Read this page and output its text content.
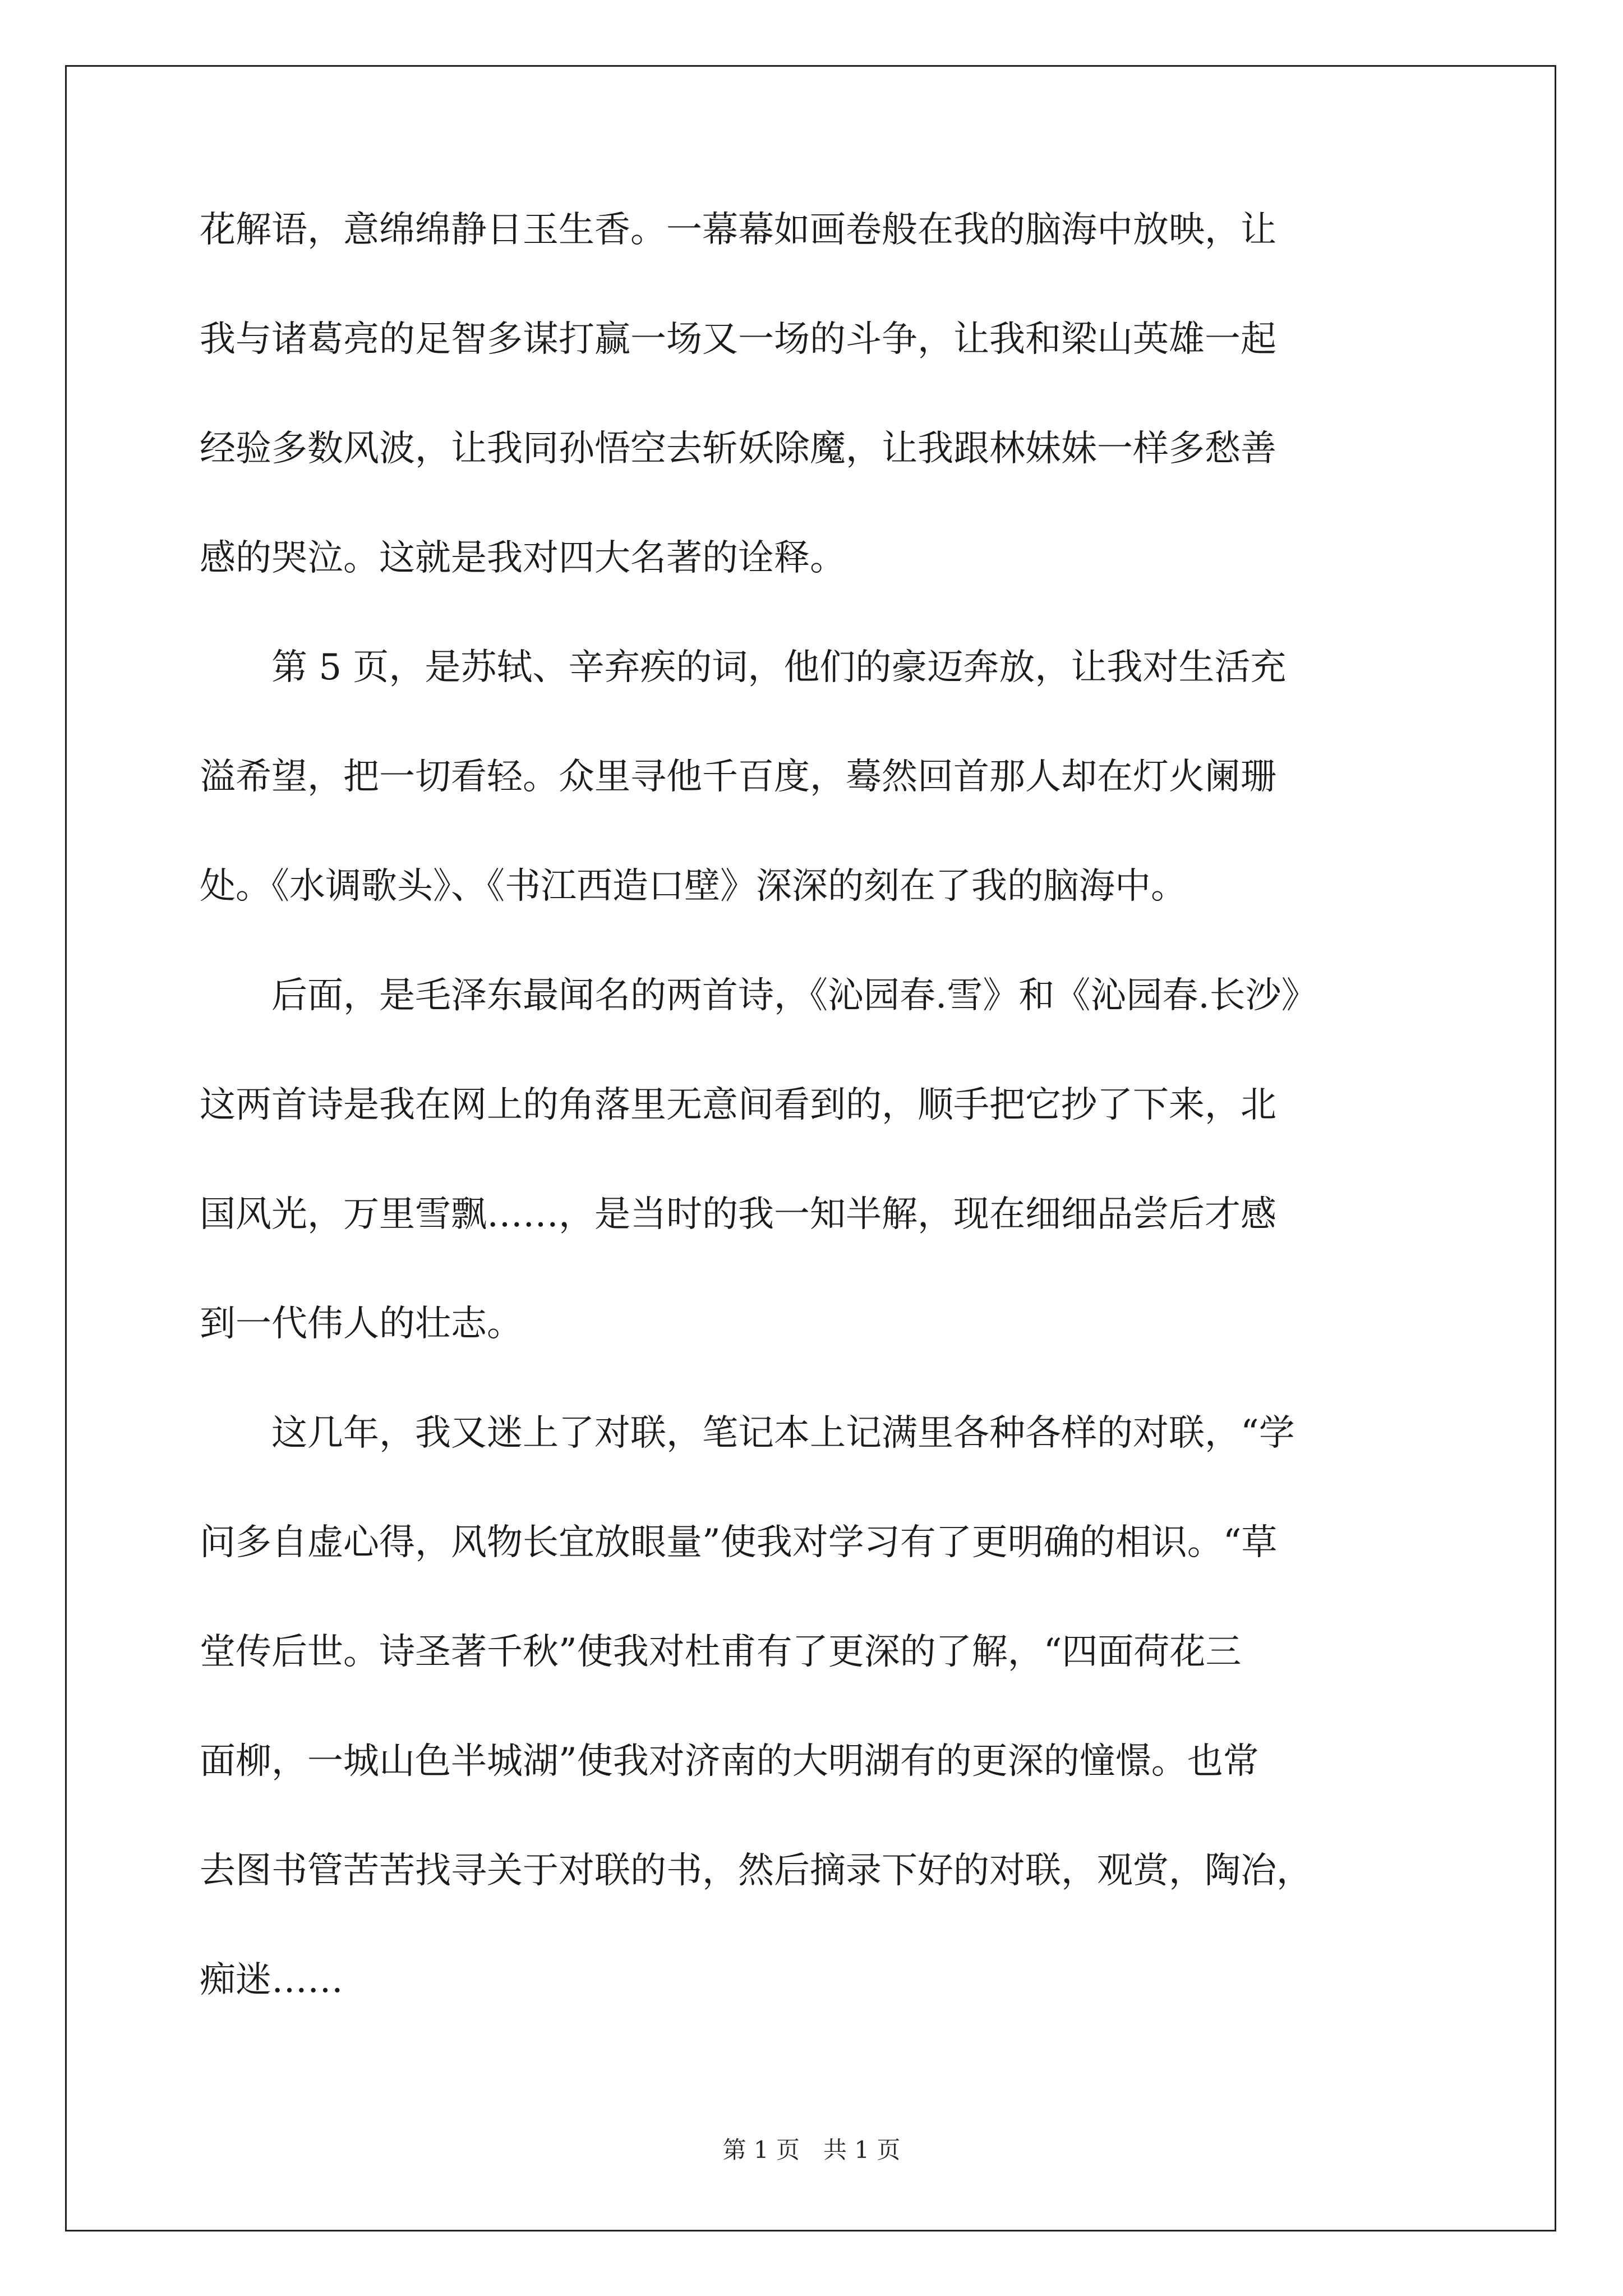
花解语，意绵绵静日玉生香。一幕幕如画卷般在我的脑海中放映，让
我与诸葛亮的足智多谋打赢一场又一场的斗争，让我和梁山英雄一起
经验多数风波，让我同孙悟空去斩妖除魔，让我跟林妹妹一样多愁善
感的哭泣。这就是我对四大名著的诠释。
　　第 5 页，是苏轼、辛弃疾的词，他们的豪迈奔放，让我对生活充
溢希望，把一切看轻。众里寻他千百度，蓦然回首那人却在灯火阑珊
处。《水调歌头》、《书江西造口壁》深深的刻在了我的脑海中。
　　后面，是毛泽东最闻名的两首诗，《沁园春.雪》和《沁园春.长沙》
这两首诗是我在网上的角落里无意间看到的，顺手把它抄了下来，北
国风光，万里雪飘……，是当时的我一知半解，现在细细品尝后才感
到一代伟人的壮志。
　　这几年，我又迷上了对联，笔记本上记满里各种各样的对联，“学
问多自虚心得，风物长宜放眼量”使我对学习有了更明确的相识。“草
堂传后世。诗圣著千秋”使我对杜甫有了更深的了解，“四面荷花三
面柳，一城山色半城湖”使我对济南的大明湖有的更深的憧憬。也常
去图书管苦苦找寻关于对联的书，然后摘录下好的对联，观赏，陶冶，
痴迷……
第 1 页　共 1 页
